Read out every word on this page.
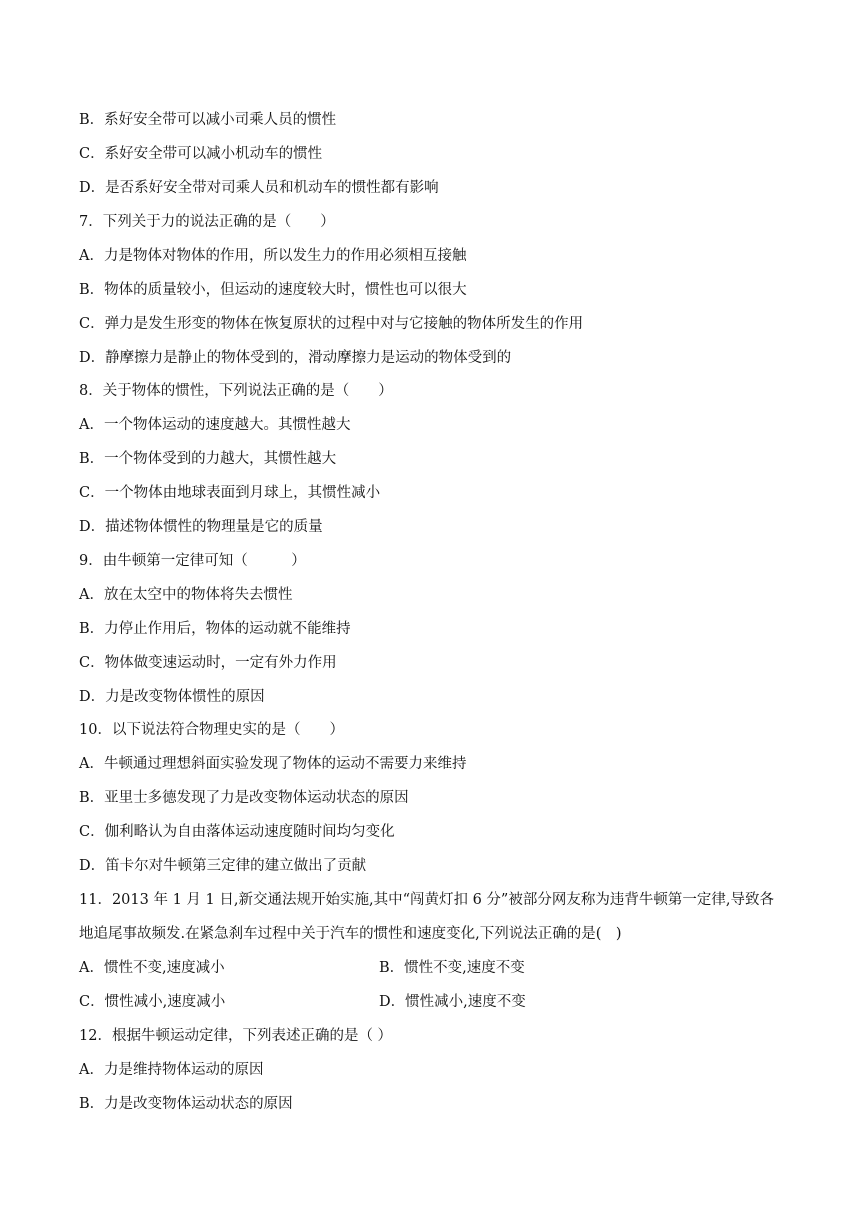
B．系好安全带可以减小司乘人员的惯性
C．系好安全带可以减小机动车的惯性
D．是否系好安全带对司乘人员和机动车的惯性都有影响
7．下列关于力的说法正确的是（　　）
A．力是物体对物体的作用，所以发生力的作用必须相互接触
B．物体的质量较小，但运动的速度较大时，惯性也可以很大
C．弹力是发生形变的物体在恢复原状的过程中对与它接触的物体所发生的作用
D．静摩擦力是静止的物体受到的，滑动摩擦力是运动的物体受到的
8．关于物体的惯性，下列说法正确的是（　　）
A．一个物体运动的速度越大。其惯性越大
B．一个物体受到的力越大，其惯性越大
C．一个物体由地球表面到月球上，其惯性减小
D．描述物体惯性的物理量是它的质量
9．由牛顿第一定律可知（　　　）
A．放在太空中的物体将失去惯性
B．力停止作用后，物体的运动就不能维持
C．物体做变速运动时，一定有外力作用
D．力是改变物体惯性的原因
10．以下说法符合物理史实的是（　　）
A．牛顿通过理想斜面实验发现了物体的运动不需要力来维持
B．亚里士多德发现了力是改变物体运动状态的原因
C．伽利略认为自由落体运动速度随时间均匀变化
D．笛卡尔对牛顿第三定律的建立做出了贡献
11．2013 年 1 月 1 日,新交通法规开始实施,其中“闯黄灯扣 6 分”被部分网友称为违背牛顿第一定律,导致各
地追尾事故频发.在紧急刹车过程中关于汽车的惯性和速度变化,下列说法正确的是(　)
A．惯性不变,速度减小	B．惯性不变,速度不变
C．惯性减小,速度减小	D．惯性减小,速度不变
12．根据牛顿运动定律，下列表述正确的是（ ）
A．力是维持物体运动的原因
B．力是改变物体运动状态的原因
